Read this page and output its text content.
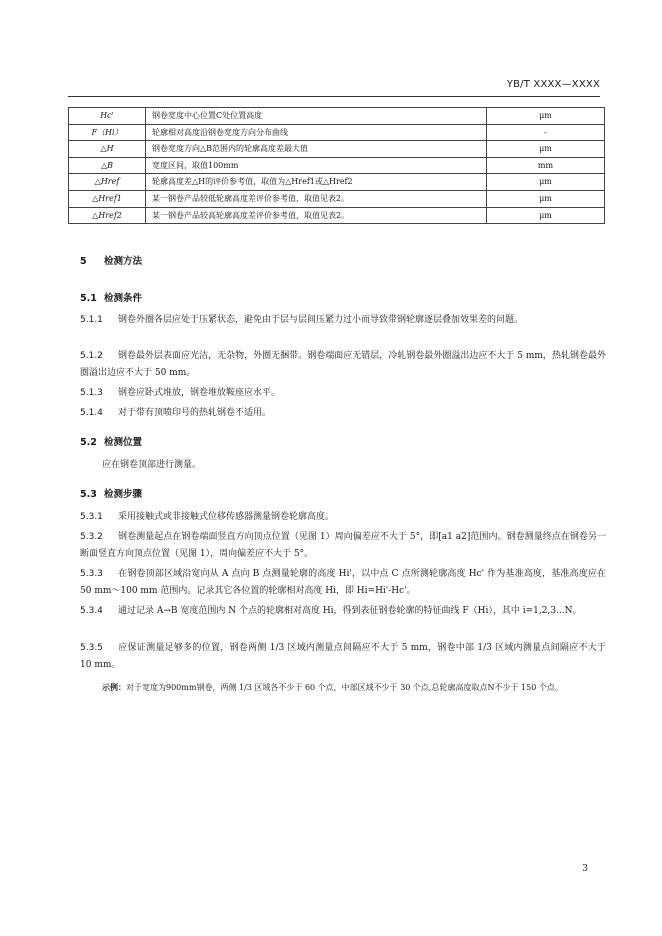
YB/T XXXX—XXXX
Hc'	钢卷宽度中心位置C处位置高度	μm
F（Hi）	轮廓相对高度沿钢卷宽度方向分布曲线	-
△H	钢卷宽度方向△B范围内的轮廓高度差最大值	μm
△B	宽度区间，取值100mm	mm
△Href	轮廓高度差△H的评价参考值，取值为△Href1或△Href2	μm
△Href1	某一钢卷产品较低轮廓高度差评价参考值，取值见表2。	μm
△Href2	某一钢卷产品较高轮廓高度差评价参考值，取值见表2。	μm
5 检测方法
5.1 检测条件
5.1.1 钢卷外圈各层应处于压紧状态，避免由于层与层间压紧力过小而导致带钢轮廓逐层叠加效果差的问题。
5.1.2 钢卷最外层表面应光洁，无杂物，外圈无捆带。钢卷端面应无错层，冷轧钢卷最外圈溢出边应不大于 5 mm，热轧钢卷最外圈溢出边应不大于 50 mm。
5.1.3 钢卷应卧式堆放，钢卷堆放鞍座应水平。
5.1.4 对于带有顶喷印号的热轧钢卷不适用。
5.2 检测位置
应在钢卷顶部进行测量。
5.3 检测步骤
5.3.1 采用接触式或非接触式位移传感器测量钢卷轮廓高度。
5.3.2 钢卷测量起点在钢卷端面竖直方向顶点位置（见图 1）周向偏差应不大于 5°，即[a1 a2]范围内。钢卷测量终点在钢卷另一断面竖直方向顶点位置（见图 1），周向偏差应不大于 5°。
5.3.3 在钢卷顶部区域沿宽向从 A 点向 B 点测量轮廓的高度 Hi'，以中点 C 点所测轮廓高度 Hc' 作为基准高度，基准高度应在 50 mm～100 mm 范围内。记录其它各位置的轮廓相对高度 Hi，即 Hi=Hi'-Hc'。
5.3.4 通过记录 A→B 宽度范围内 N 个点的轮廓相对高度 Hi，得到表征钢卷轮廓的特征曲线 F（Hi），其中 i=1,2,3...N。
5.3.5 应保证测量足够多的位置，钢卷两侧 1/3 区域内测量点间隔应不大于 5 mm，钢卷中部 1/3 区域内测量点间隔应不大于 10 mm。
示例：对于宽度为900mm钢卷，两侧 1/3 区域各不少于 60 个点，中部区域不少于 30 个点,总轮廓高度取点N不少于 150 个点。
3
